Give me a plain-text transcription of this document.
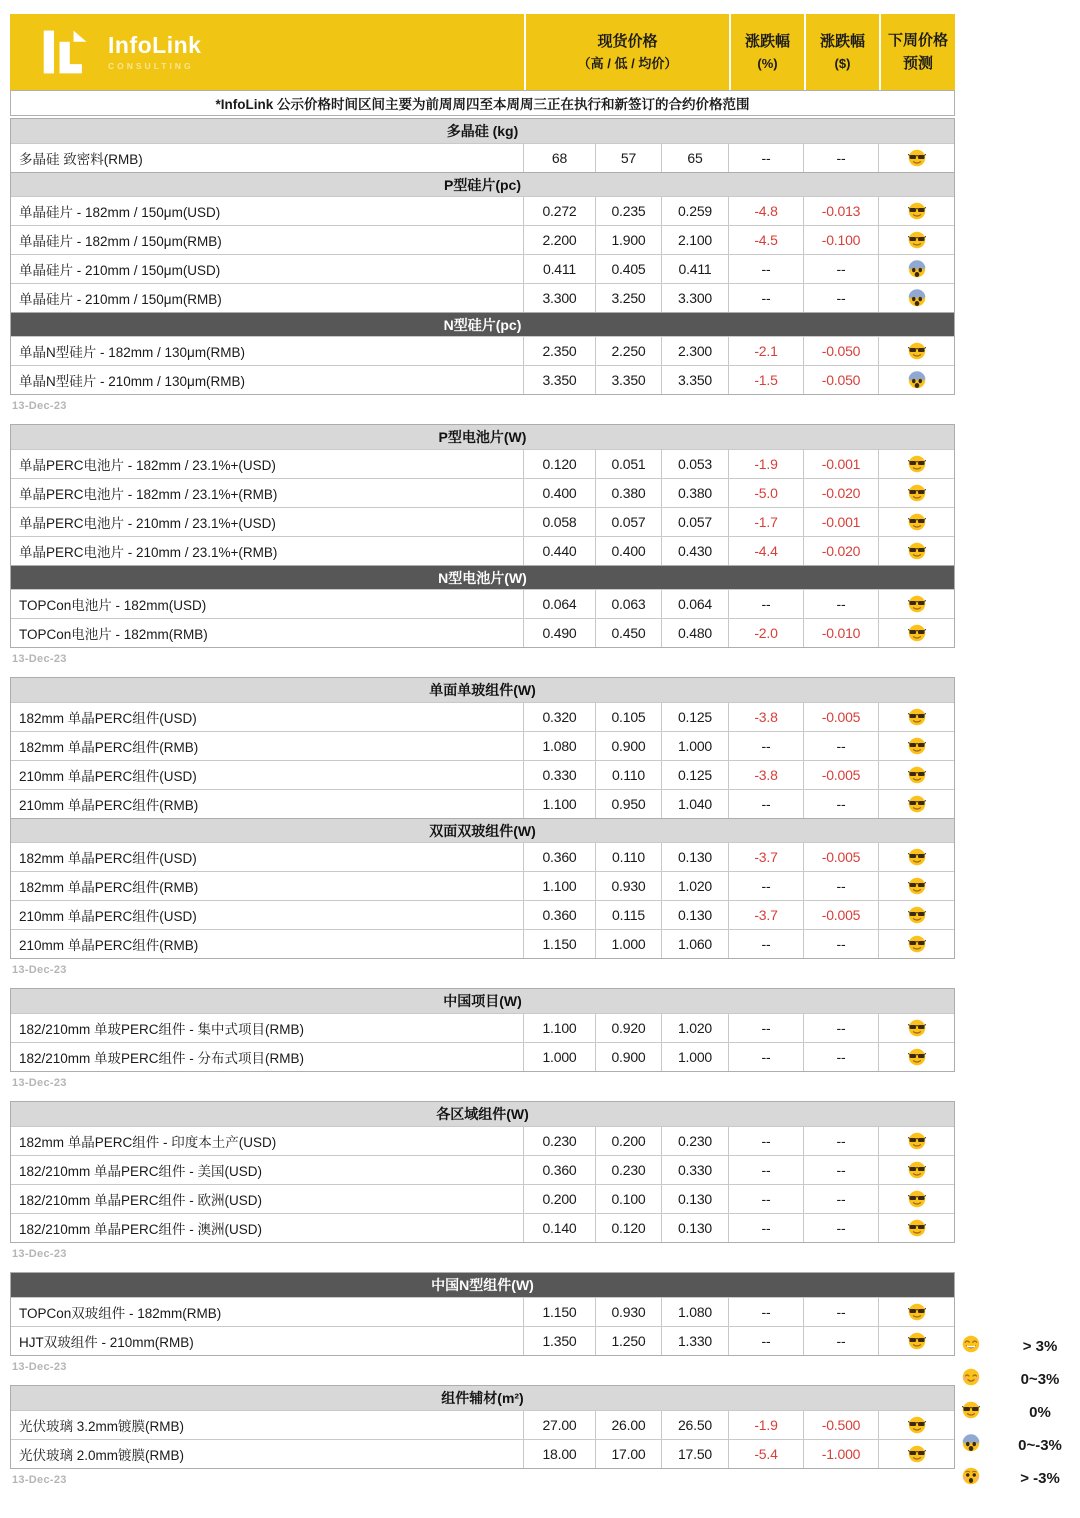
InfoLink
CONSULTING
现货价格
（高 / 低 / 均价）
涨跌幅
(%)
涨跌幅
($)
下周价格
预测
*InfoLink 公示价格时间区间主要为前周周四至本周周三正在执行和新签订的合约价格范围
多晶硅 (kg)
多晶硅 致密料(RMB)	68	57	65	--	--
P型硅片(pc)
单晶硅片 - 182mm / 150μm(USD)	0.272	0.235	0.259	-4.8	-0.013
单晶硅片 - 182mm / 150μm(RMB)	2.200	1.900	2.100	-4.5	-0.100
单晶硅片 - 210mm / 150μm(USD)	0.411	0.405	0.411	--	--
单晶硅片 - 210mm / 150μm(RMB)	3.300	3.250	3.300	--	--
N型硅片(pc)
单晶N型硅片 - 182mm / 130μm(RMB)	2.350	2.250	2.300	-2.1	-0.050
单晶N型硅片 - 210mm / 130μm(RMB)	3.350	3.350	3.350	-1.5	-0.050
13-Dec-23
P型电池片(W)
单晶PERC电池片 - 182mm / 23.1%+(USD)	0.120	0.051	0.053	-1.9	-0.001
单晶PERC电池片 - 182mm / 23.1%+(RMB)	0.400	0.380	0.380	-5.0	-0.020
单晶PERC电池片 - 210mm / 23.1%+(USD)	0.058	0.057	0.057	-1.7	-0.001
单晶PERC电池片 - 210mm / 23.1%+(RMB)	0.440	0.400	0.430	-4.4	-0.020
N型电池片(W)
TOPCon电池片 - 182mm(USD)	0.064	0.063	0.064	--	--
TOPCon电池片 - 182mm(RMB)	0.490	0.450	0.480	-2.0	-0.010
13-Dec-23
单面单玻组件(W)
182mm 单晶PERC组件(USD)	0.320	0.105	0.125	-3.8	-0.005
182mm 单晶PERC组件(RMB)	1.080	0.900	1.000	--	--
210mm 单晶PERC组件(USD)	0.330	0.110	0.125	-3.8	-0.005
210mm 单晶PERC组件(RMB)	1.100	0.950	1.040	--	--
双面双玻组件(W)
182mm 单晶PERC组件(USD)	0.360	0.110	0.130	-3.7	-0.005
182mm 单晶PERC组件(RMB)	1.100	0.930	1.020	--	--
210mm 单晶PERC组件(USD)	0.360	0.115	0.130	-3.7	-0.005
210mm 单晶PERC组件(RMB)	1.150	1.000	1.060	--	--
13-Dec-23
中国项目(W)
182/210mm 单玻PERC组件 - 集中式项目(RMB)	1.100	0.920	1.020	--	--
182/210mm 单玻PERC组件 - 分布式项目(RMB)	1.000	0.900	1.000	--	--
13-Dec-23
各区域组件(W)
182mm 单晶PERC组件 - 印度本土产(USD)	0.230	0.200	0.230	--	--
182/210mm 单晶PERC组件 - 美国(USD)	0.360	0.230	0.330	--	--
182/210mm 单晶PERC组件 - 欧洲(USD)	0.200	0.100	0.130	--	--
182/210mm 单晶PERC组件 - 澳洲(USD)	0.140	0.120	0.130	--	--
13-Dec-23
中国N型组件(W)
TOPCon双玻组件 - 182mm(RMB)	1.150	0.930	1.080	--	--
HJT双玻组件 - 210mm(RMB)	1.350	1.250	1.330	--	--
13-Dec-23
组件辅材(m²)
光伏玻璃 3.2mm镀膜(RMB)	27.00	26.00	26.50	-1.9	-0.500
光伏玻璃 2.0mm镀膜(RMB)	18.00	17.00	17.50	-5.4	-1.000
13-Dec-23
> 3%
0~3%
0%
0~-3%
> -3%
